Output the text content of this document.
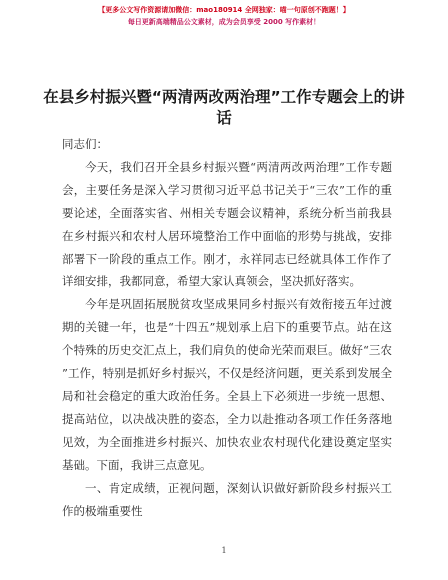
【更多公文写作资源请加微信：mao180914 全网独家：喵一句原创不跑题！】
每日更新高端精品公文素材，成为会员享受 2000 写作素材！
在县乡村振兴暨“两清两改两治理”工作专题会上的讲话

同志们：

今天，我们召开全县乡村振兴暨“两清两改两治理”工作专题会，主要任务是深入学习贯彻习近平总书记关于“三农”工作的重要论述，全面落实省、州相关专题会议精神，系统分析当前我县在乡村振兴和农村人居环境整治工作中面临的形势与挑战，安排部署下一阶段的重点工作。刚才，永祥同志已经就具体工作作了详细安排，我都同意，希望大家认真领会，坚决抓好落实。

今年是巩固拓展脱贫攻坚成果同乡村振兴有效衔接五年过渡期的关键一年，也是“十四五”规划承上启下的重要节点。站在这个特殊的历史交汇点上，我们肩负的使命光荣而艰巨。做好“三农”工作，特别是抓好乡村振兴，不仅是经济问题，更关系到发展全局和社会稳定的重大政治任务。全县上下必须进一步统一思想、提高站位，以决战决胜的姿态，全力以赴推动各项工作任务落地见效，为全面推进乡村振兴、加快农业农村现代化建设奠定坚实基础。下面，我讲三点意见。

一、肯定成绩，正视问题，深刻认识做好新阶段乡村振兴工作的极端重要性

1
